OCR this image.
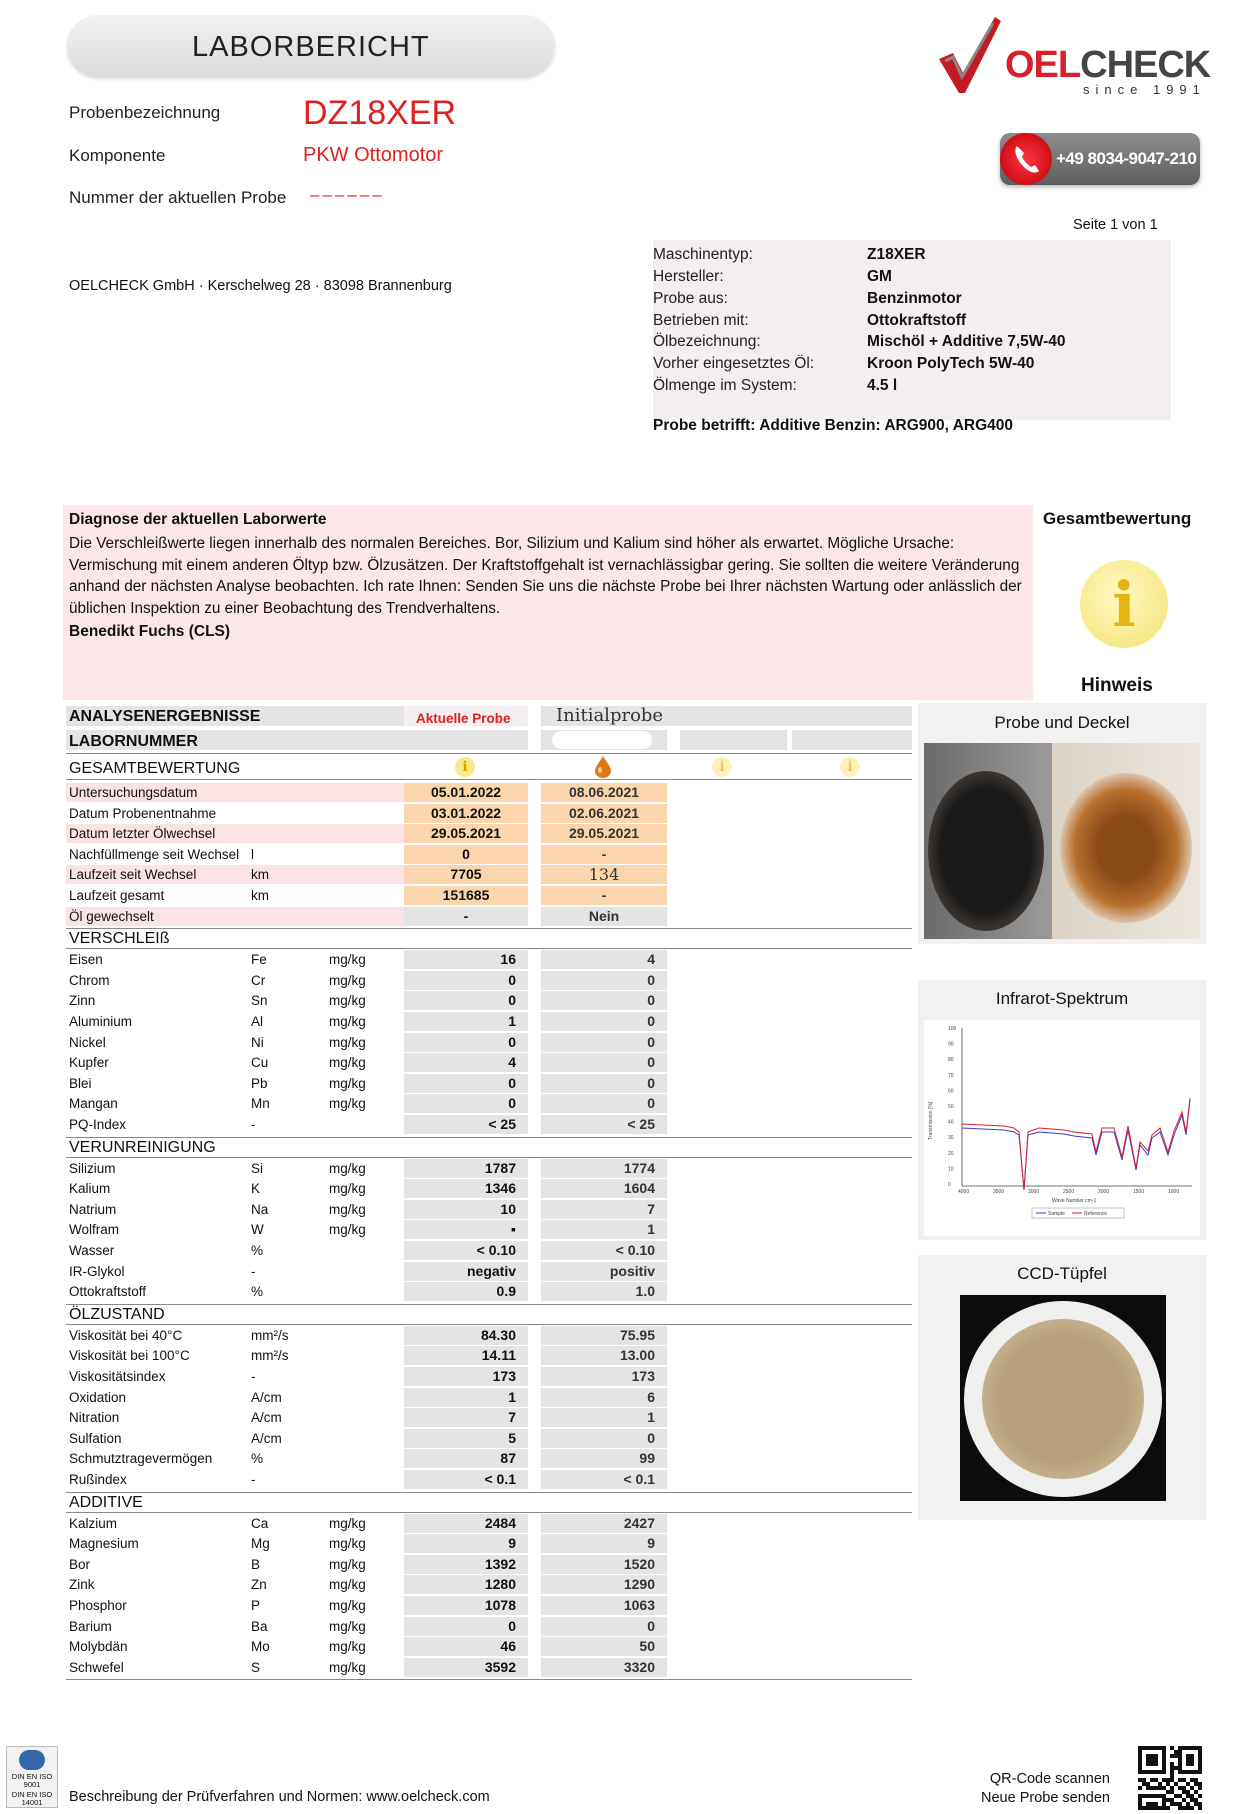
LABORBERICHT
Probenbezeichnung DZ18XER
Komponente	PKW Ottomotor
Nummer der aktuellen Probe ––––––
OELCHECK GmbH · Kerschelweg 28 · 83098 Brannenburg
Seite 1 von 1
OELCHECK
since 1991
+49 8034-9047-210
Maschinentyp:	Z18XER
Hersteller:	GM
Probe aus:	Benzinmotor
Betrieben mit:	Ottokraftstoff
Ölbezeichnung:	Mischöl + Additive 7,5W-40
Vorher eingesetztes Öl:	Kroon PolyTech 5W-40
Ölmenge im System:	4.5 l
Probe betrifft: Additive Benzin: ARG900, ARG400
Diagnose der aktuellen Laborwerte

Die Verschleißwerte liegen innerhalb des normalen Bereiches. Bor, Silizium und Kalium sind höher als erwartet. Mögliche Ursache: Vermischung mit einem anderen Öltyp bzw. Ölzusätzen. Der Kraftstoffgehalt ist vernachlässigbar gering. Sie sollten die weitere Veränderung anhand der nächsten Analyse beobachten. Ich rate Ihnen: Senden Sie uns die nächste Probe bei Ihrer nächsten Wartung oder anlässlich der üblichen Inspektion zu einer Beobachtung des Trendverhaltens.

Benedikt Fuchs (CLS)
Gesamtbewertung
i
Hinweis
ANALYSENERGEBNISSE	Aktuelle Probe	Initialprobe
LABORNUMMER
GESAMTBEWERTUNG	i	i	i
Untersuchungsdatum	05.01.2022	08.06.2021
Datum Probenentnahme	03.01.2022	02.06.2021
Datum letzter Ölwechsel	29.05.2021	29.05.2021
Nachfüllmenge seit Wechsel l	0	-
Laufzeit seit Wechsel	km	7705	134
Laufzeit gesamt	km	151685	-
Öl gewechselt	-	Nein
VERSCHLEIß
Eisen	Fe	mg/kg	16	4
Chrom	Cr	mg/kg	0	0
Zinn	Sn	mg/kg	0	0
Aluminium	Al	mg/kg	1	0
Nickel	Ni	mg/kg	0	0
Kupfer	Cu	mg/kg	4	0
Blei	Pb	mg/kg	0	0
Mangan	Mn	mg/kg	0	0
PQ-Index	-	< 25	< 25
VERUNREINIGUNG
Silizium	Si	mg/kg	1787	1774
Kalium	K	mg/kg	1346	1604
Natrium	Na	mg/kg	10	7
Wolfram	W	mg/kg	▪	1
Wasser	%	< 0.10	< 0.10
IR-Glykol	-	negativ	positiv
Ottokraftstoff	%	0.9	1.0
ÖLZUSTAND
Viskosität bei 40°C	mm²/s	84.30	75.95
Viskosität bei 100°C	mm²/s	14.11	13.00
Viskositätsindex	-	173	173
Oxidation	A/cm	1	6
Nitration	A/cm	7	1
Sulfation	A/cm	5	0
Schmutztragevermögen	%	87	99
Rußindex	-	< 0.1	< 0.1
ADDITIVE
Kalzium	Ca	mg/kg	2484	2427
Magnesium	Mg	mg/kg	9	9
Bor	B	mg/kg	1392	1520
Zink	Zn	mg/kg	1280	1290
Phosphor	P	mg/kg	1078	1063
Barium	Ba	mg/kg	0	0
Molybdän	Mo	mg/kg	46	50
Schwefel	S	mg/kg	3592	3320
Probe und Deckel
Infrarot-Spektrum
100
90
80
70
60
50
40
30
20
10
0
4000	3500	3000	2500	2000	1500	1000
Transmission [%]
Wave Number cm-1
Sample	Reference
CCD-Tüpfel
DIN EN ISO 9001
DIN EN ISO 14001	Beschreibung der Prüfverfahren und Normen: www.oelcheck.com
QR-Code scannen
Neue Probe senden
